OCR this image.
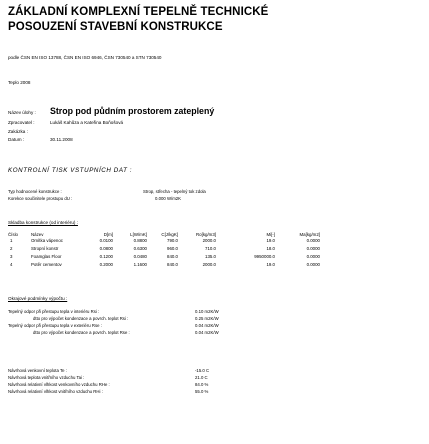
ZÁKLADNÍ KOMPLEXNÍ TEPELNĚ TECHNICKÉ
POSOUZENÍ STAVEBNÍ KONSTRUKCE
podle ČSN EN ISO 13788, ČSN EN ISO 6946, ČSN 730540 a STN 730540
Teplo 2008
Název úlohy : Strop pod půdním prostorem zateplený
Zpracovatel :	Lukáš Kahůza a Kateřina Boňošová
Zakázka :
Datum :	30.11.2008
KONTROLNÍ TISK VSTUPNÍCH DAT :
Typ hodnocené konstrukce :	Strop, střecha - tepelný tok zdola
Korekce součinitele prostupu dU :	0.000 W/m2K
Skladba konstrukce (od interiéru) :
Číslo	Název	D[m]	L[W/mK]	C[J/kgK]	Ro[kg/m3]	Mi[-]	Ma[kg/m2]
1	Omítka vápenoc	0.0100	0.8800	790.0	2000.0	19.0	0.0000
2	Stropní konstr	0.0800	0.6300	960.0	710.0	18.0	0.0000
3	Foamglas Floor	0.1200	0.0480	840.0	135.0	9950000.0	0.0000
4	Potěr cementov	0.2000	1.1600	840.0	2000.0	19.0	0.0000
Okrajové podmínky výpočtu :
Tepelný odpor při přestupu tepla v interiéru Rsi :	0.10 m2K/W
dtto pro výpočet kondenzace a povrch. teplot Rsi :	0.25 m2K/W
Tepelný odpor při přestupu tepla v exteriéru Rse :	0.04 m2K/W
dtto pro výpočet kondenzace a povrch. teplot Rse :	0.04 m2K/W
Návrhová venkovní teplota Te :	-15.0 C
Návrhová teplota vnitřního vzduchu Tai :	21.0 C
Návrhová relativní vlhkost venkovního vzduchu RHe :	84.0 %
Návrhová relativní vlhkost vnitřního vzduchu RHi :	55.0 %
